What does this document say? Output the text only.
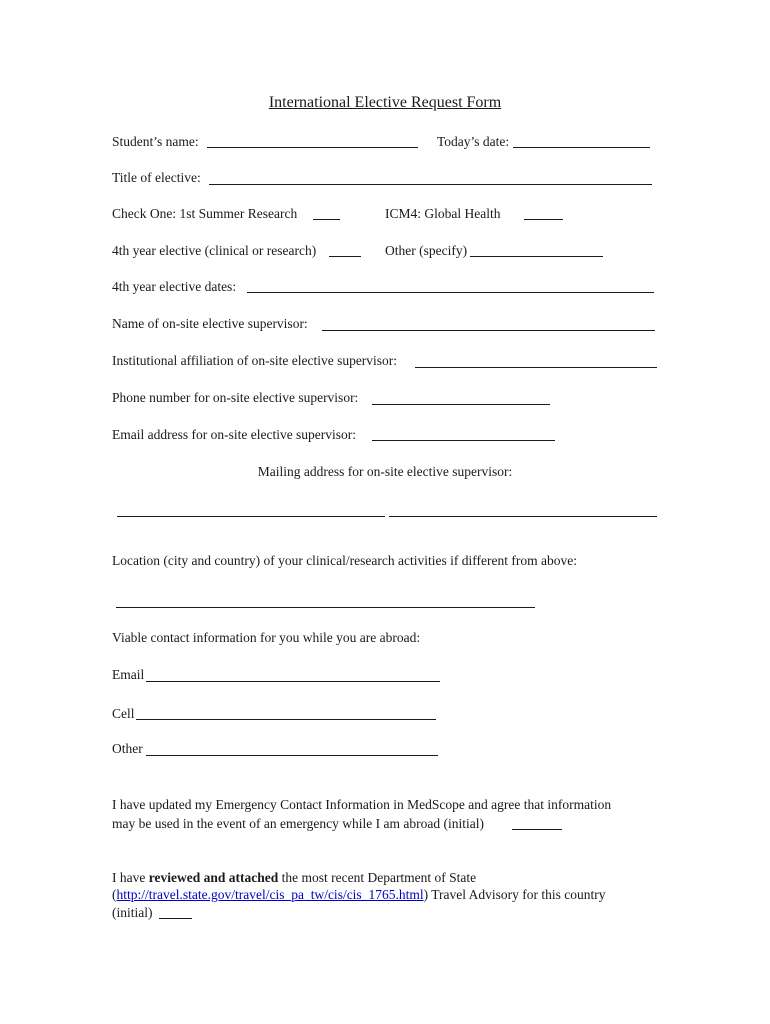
International Elective Request Form
Student’s name:	Today’s date:
Title of elective:
Check One: 1st Summer Research	ICM4: Global Health
4th year elective (clinical or research)	Other (specify)
4th year elective dates:
Name of on-site elective supervisor:
Institutional affiliation of on-site elective supervisor:
Phone number for on-site elective supervisor:
Email address for on-site elective supervisor:
Mailing address for on-site elective supervisor:
Location (city and country) of your clinical/research activities if different from above:
Viable contact information for you while you are abroad:
Email
Cell
Other
I have updated my Emergency Contact Information in MedScope and agree that information
may be used in the event of an emergency while I am abroad (initial)
I have reviewed and attached the most recent Department of State
(http://travel.state.gov/travel/cis_pa_tw/cis/cis_1765.html) Travel Advisory for this country
(initial)
